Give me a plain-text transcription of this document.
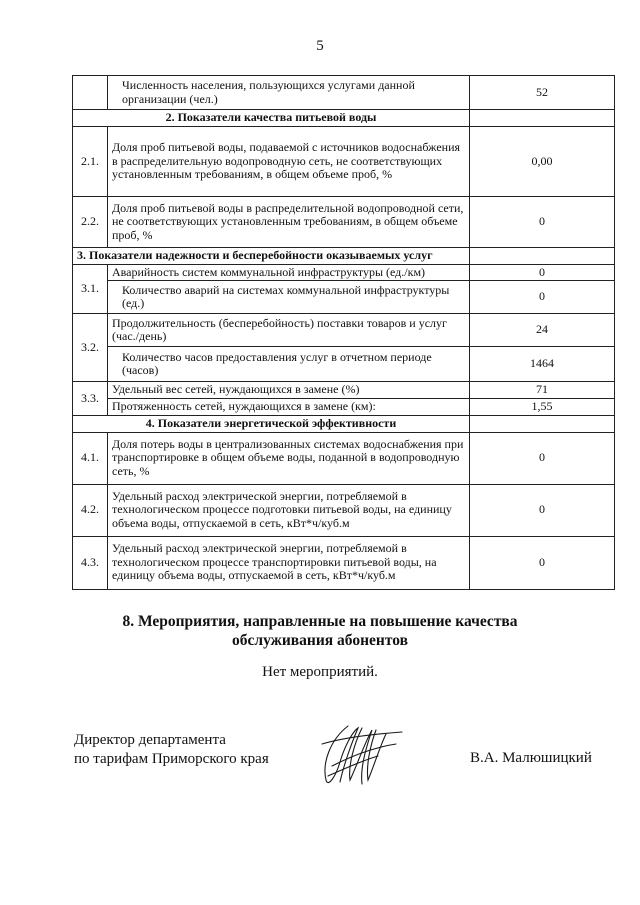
5
	Численность населения, пользующихся услугами данной организации (чел.)	52
2. Показатели качества питьевой воды		
2.1.	Доля проб питьевой воды, подаваемой с источников водоснабжения в распределительную водопроводную сеть, не соответствующих установленным требованиям, в общем объеме проб, %	0,00
2.2.	Доля проб питьевой воды в распределительной водопроводной сети, не соответствующих установленным требованиям, в общем объеме проб, %	0
3. Показатели надежности и бесперебойности оказываемых услуг		
3.1.	Аварийность систем коммунальной инфраструктуры (ед./км)	0
	Количество аварий на системах коммунальной инфраструктуры (ед.)	0
3.2.	Продолжительность (бесперебойность) поставки товаров и услуг (час./день)	24
	Количество часов предоставления услуг в отчетном периоде (часов)	1464
3.3.	Удельный вес сетей, нуждающихся в замене (%)	71
	Протяженность сетей, нуждающихся в замене (км):	1,55
4. Показатели энергетической эффективности		
4.1.	Доля потерь воды в централизованных системах водоснабжения при транспортировке в общем объеме воды, поданной в водопроводную сеть, %	0
4.2.	Удельный расход электрической энергии, потребляемой в технологическом процессе подготовки питьевой воды, на единицу объема воды, отпускаемой в сеть, кВт*ч/куб.м	0
4.3.	Удельный расход электрической энергии, потребляемой в технологическом процессе транспортировки питьевой воды, на единицу объема воды, отпускаемой в сеть, кВт*ч/куб.м	0
8. Мероприятия, направленные на повышение качества
обслуживания абонентов
Нет мероприятий.
Директор департамента
по тарифам Приморского края	В.А. Малюшицкий
